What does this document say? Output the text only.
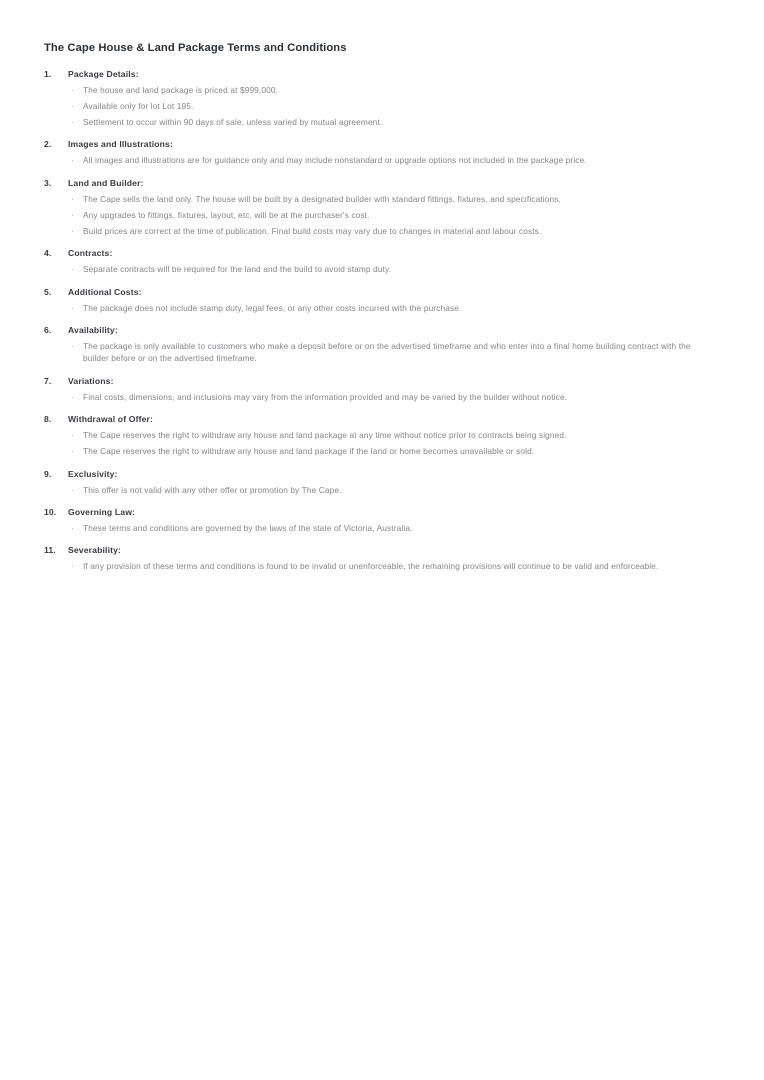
The Cape House & Land Package Terms and Conditions
1.	Package Details:
· The house and land package is priced at $999,000.
· Available only for lot Lot 195.
· Settlement to occur within 90 days of sale, unless varied by mutual agreement.
2.	Images and Illustrations:
· All images and illustrations are for guidance only and may include nonstandard or upgrade options not included in the package price.
3.	Land and Builder:
· The Cape sells the land only. The house will be built by a designated builder with standard fittings, fixtures, and specifications.
· Any upgrades to fittings, fixtures, layout, etc, will be at the purchaser's cost.
· Build prices are correct at the time of publication. Final build costs may vary due to changes in material and labour costs.
4.	Contracts:
· Separate contracts will be required for the land and the build to avoid stamp duty.
5.	Additional Costs:
· The package does not include stamp duty, legal fees, or any other costs incurred with the purchase.
6.	Availability:
· The package is only available to customers who make a deposit before or on the advertised timeframe and who enter into a final home building contract with the builder before or on the advertised timeframe.
7.	Variations:
· Final costs, dimensions, and inclusions may vary from the information provided and may be varied by the builder without notice.
8.	Withdrawal of Offer:
· The Cape reserves the right to withdraw any house and land package at any time without notice prior to contracts being signed.
· The Cape reserves the right to withdraw any house and land package if the land or home becomes unavailable or sold.
9.	Exclusivity:
· This offer is not valid with any other offer or promotion by The Cape.
10.	Governing Law:
· These terms and conditions are governed by the laws of the state of Victoria, Australia.
11.	Severability:
· If any provision of these terms and conditions is found to be invalid or unenforceable, the remaining provisions will continue to be valid and enforceable.
